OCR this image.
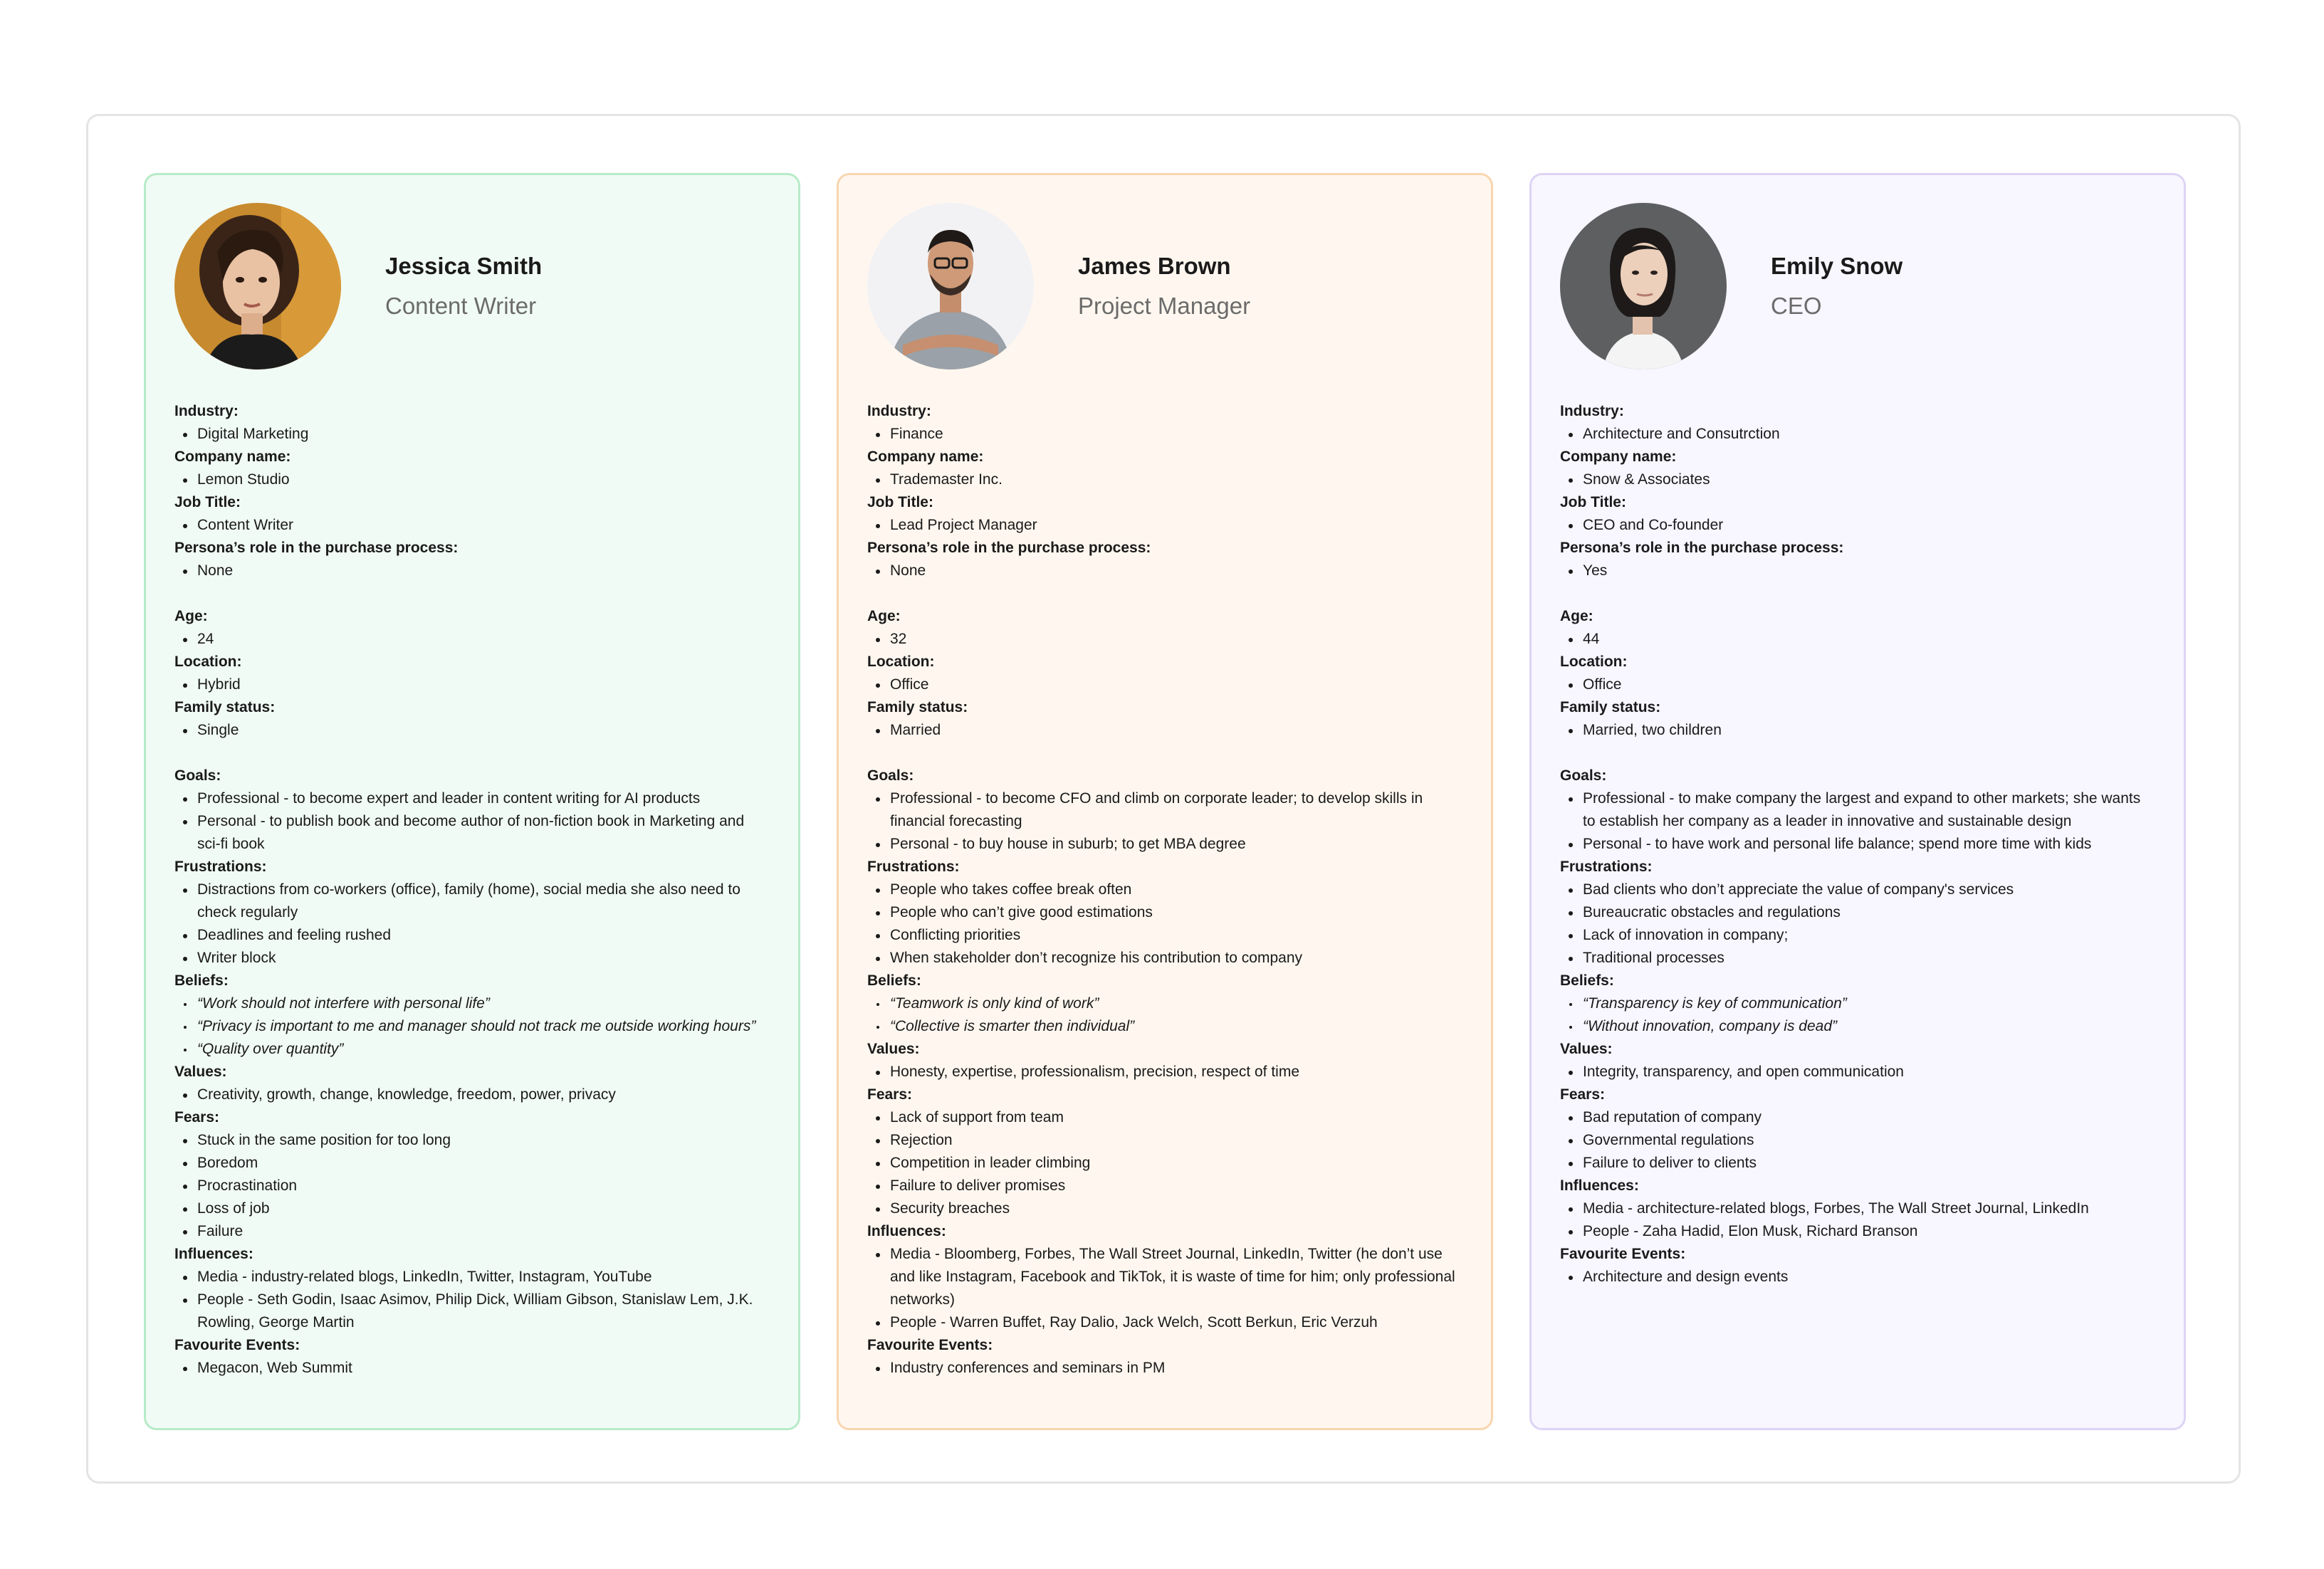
Jessica Smith
Content Writer
Industry:
Digital Marketing
Company name:
Lemon Studio
Job Title:
Content Writer
Persona’s role in the purchase process:
None
Age:
24
Location:
Hybrid
Family status:
Single
Goals:
Professional - to become expert and leader in content writing for AI products
Personal - to publish book and become author of non-fiction book in Marketing and sci-fi book
Frustrations:
Distractions from co-workers (office), family (home), social media she also need to check regularly
Deadlines and feeling rushed
Writer block
Beliefs:
“Work should not interfere with personal life”
“Privacy is important to me and manager should not track me outside working hours”
“Quality over quantity”
Values:
Creativity, growth, change, knowledge, freedom, power, privacy
Fears:
Stuck in the same position for too long
Boredom
Procrastination
Loss of job
Failure
Influences:
Media - industry-related blogs, LinkedIn, Twitter, Instagram, YouTube
People - Seth Godin, Isaac Asimov, Philip Dick, William Gibson, Stanislaw Lem, J.K. Rowling, George Martin
Favourite Events:
Megacon, Web Summit
James Brown
Project Manager
Industry:
Finance
Company name:
Trademaster Inc.
Job Title:
Lead Project Manager
Persona’s role in the purchase process:
None
Age:
32
Location:
Office
Family status:
Married
Goals:
Professional - to become CFO and climb on corporate leader; to develop skills in financial forecasting
Personal - to buy house in suburb; to get MBA degree
Frustrations:
People who takes coffee break often
People who can’t give good estimations
Conflicting priorities
When stakeholder don’t recognize his contribution to company
Beliefs:
“Teamwork is only kind of work”
“Collective is smarter then individual”
Values:
Honesty, expertise, professionalism, precision, respect of time
Fears:
Lack of support from team
Rejection
Competition in leader climbing
Failure to deliver promises
Security breaches
Influences:
Media - Bloomberg, Forbes, The Wall Street Journal, LinkedIn, Twitter (he don’t use and like Instagram, Facebook and TikTok, it is waste of time for him; only professional networks)
People - Warren Buffet, Ray Dalio, Jack Welch, Scott Berkun, Eric Verzuh
Favourite Events:
Industry conferences and seminars in PM
Emily Snow
CEO
Industry:
Architecture and Consutrction
Company name:
Snow & Associates
Job Title:
CEO and Co-founder
Persona’s role in the purchase process:
Yes
Age:
44
Location:
Office
Family status:
Married, two children
Goals:
Professional - to make company the largest and expand to other markets; she wants to establish her company as a leader in innovative and sustainable design
Personal - to have work and personal life balance; spend more time with kids
Frustrations:
Bad clients who don’t appreciate the value of company's services
Bureaucratic obstacles and regulations
Lack of innovation in company;
Traditional processes
Beliefs:
“Transparency is key of communication”
“Without innovation, company is dead”
Values:
Integrity, transparency, and open communication
Fears:
Bad reputation of company
Governmental regulations
Failure to deliver to clients
Influences:
Media - architecture-related blogs, Forbes, The Wall Street Journal, LinkedIn
People - Zaha Hadid, Elon Musk, Richard Branson
Favourite Events:
Architecture and design events
